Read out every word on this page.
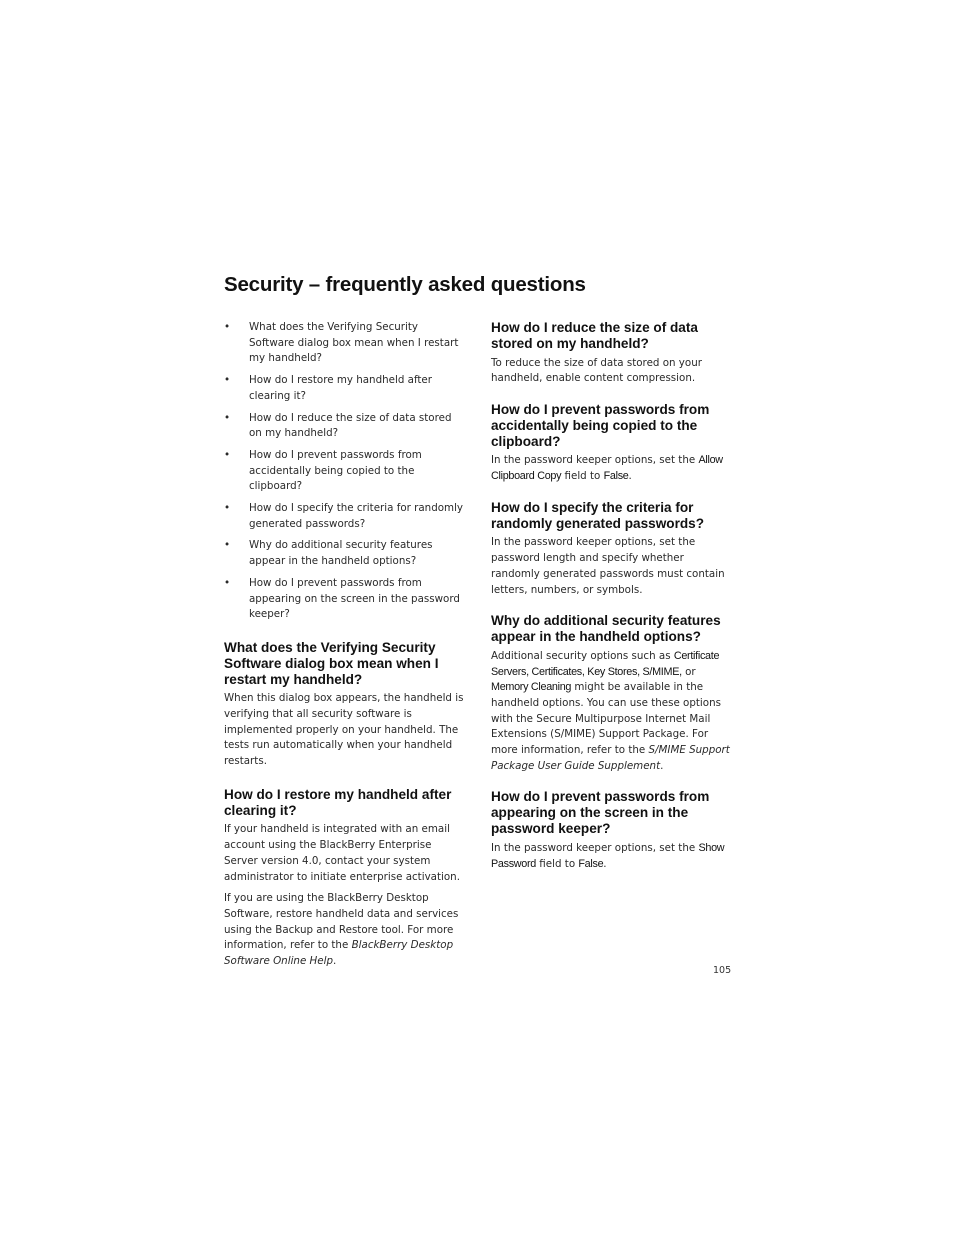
Security – frequently asked questions
• What does the Verifying Security Software dialog box mean when I restart my handheld?
• How do I restore my handheld after clearing it?
• How do I reduce the size of data stored on my handheld?
• How do I prevent passwords from accidentally being copied to the clipboard?
• How do I specify the criteria for randomly generated passwords?
• Why do additional security features appear in the handheld options?
• How do I prevent passwords from appearing on the screen in the password keeper?
What does the Verifying Security Software dialog box mean when I restart my handheld?

When this dialog box appears, the handheld is verifying that all security software is implemented properly on your handheld. The tests run automatically when your handheld restarts.

How do I restore my handheld after clearing it?

If your handheld is integrated with an email account using the BlackBerry Enterprise Server version 4.0, contact your system administrator to initiate enterprise activation.

If you are using the BlackBerry Desktop Software, restore handheld data and services using the Backup and Restore tool. For more information, refer to the BlackBerry Desktop Software Online Help.

How do I reduce the size of data stored on my handheld?

To reduce the size of data stored on your handheld, enable content compression.

How do I prevent passwords from accidentally being copied to the clipboard?

In the password keeper options, set the Allow Clipboard Copy field to False.

How do I specify the criteria for randomly generated passwords?

In the password keeper options, set the password length and specify whether randomly generated passwords must contain letters, numbers, or symbols.

Why do additional security features appear in the handheld options?

Additional security options such as Certificate Servers, Certificates, Key Stores, S/MIME, or Memory Cleaning might be available in the handheld options. You can use these options with the Secure Multipurpose Internet Mail Extensions (S/MIME) Support Package. For more information, refer to the S/MIME Support Package User Guide Supplement.

How do I prevent passwords from appearing on the screen in the password keeper?

In the password keeper options, set the Show Password field to False.

105
